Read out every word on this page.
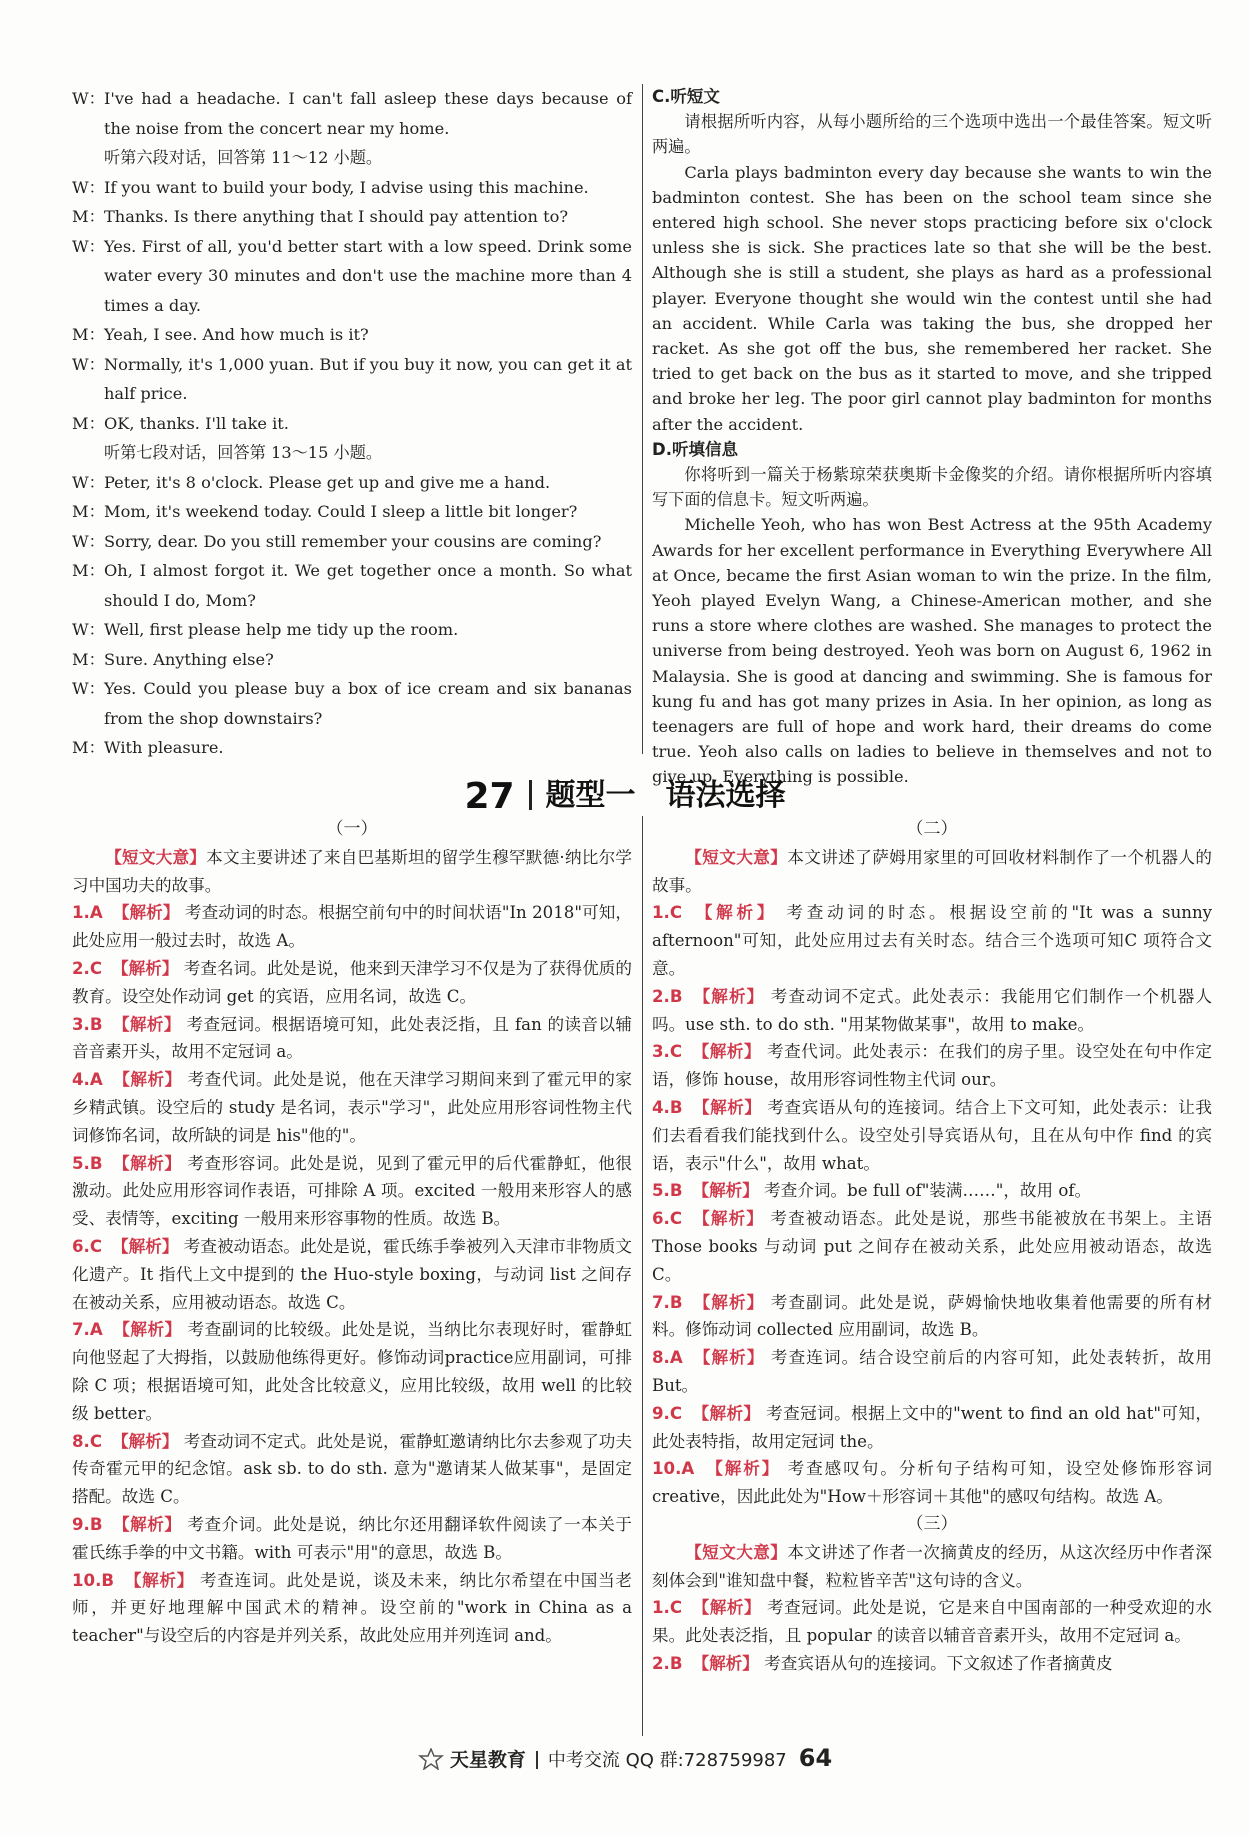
W： I've had a headache. I can't fall asleep these days because of the noise from the concert near my home.
听第六段对话，回答第 11～12 小题。
W： If you want to build your body, I advise using this machine.
M： Thanks. Is there anything that I should pay attention to?
W： Yes. First of all, you'd better start with a low speed. Drink some water every 30 minutes and don't use the machine more than 4 times a day.
M： Yeah, I see. And how much is it?
W： Normally, it's 1,000 yuan. But if you buy it now, you can get it at half price.
M： OK, thanks. I'll take it.
听第七段对话，回答第 13～15 小题。
W： Peter, it's 8 o'clock. Please get up and give me a hand.
M： Mom, it's weekend today. Could I sleep a little bit longer?
W： Sorry, dear. Do you still remember your cousins are coming?
M： Oh, I almost forgot it. We get together once a month. So what should I do, Mom?
W： Well, first please help me tidy up the room.
M： Sure. Anything else?
W： Yes. Could you please buy a box of ice cream and six bananas from the shop downstairs?
M： With pleasure.
C.听短文

请根据所听内容，从每小题所给的三个选项中选出一个最佳答案。短文听两遍。

Carla plays badminton every day because she wants to win the badminton contest. She has been on the school team since she entered high school. She never stops practicing before six o'clock unless she is sick. She practices late so that she will be the best. Although she is still a student, she plays as hard as a professional player. Everyone thought she would win the contest until she had an accident. While Carla was taking the bus, she dropped her racket. As she got off the bus, she remembered her racket. She tried to get back on the bus as it started to move, and she tripped and broke her leg. The poor girl cannot play badminton for months after the accident.

D.听填信息

你将听到一篇关于杨紫琼荣获奥斯卡金像奖的介绍。请你根据所听内容填写下面的信息卡。短文听两遍。

Michelle Yeoh, who has won Best Actress at the 95th Academy Awards for her excellent performance in Everything Everywhere All at Once, became the first Asian woman to win the prize. In the film, Yeoh played Evelyn Wang, a Chinese-American mother, and she runs a store where clothes are washed. She manages to protect the universe from being destroyed. Yeoh was born on August 6, 1962 in Malaysia. She is good at dancing and swimming. She is famous for kung fu and has got many prizes in Asia. In her opinion, as long as teenagers are full of hope and work hard, their dreams do come true. Yeoh also calls on ladies to believe in themselves and not to give up. Everything is possible.

27 题型一　语法选择
（一）
【短文大意】本文主要讲述了来自巴基斯坦的留学生穆罕默德·纳比尔学习中国功夫的故事。
1.A 【解析】 考查动词的时态。根据空前句中的时间状语"In 2018"可知，此处应用一般过去时，故选 A。
2.C 【解析】 考查名词。此处是说，他来到天津学习不仅是为了获得优质的教育。设空处作动词 get 的宾语，应用名词，故选 C。
3.B 【解析】 考查冠词。根据语境可知，此处表泛指，且 fan 的读音以辅音音素开头，故用不定冠词 a。
4.A 【解析】 考查代词。此处是说，他在天津学习期间来到了霍元甲的家乡精武镇。设空后的 study 是名词，表示"学习"，此处应用形容词性物主代词修饰名词，故所缺的词是 his"他的"。
5.B 【解析】 考查形容词。此处是说，见到了霍元甲的后代霍静虹，他很激动。此处应用形容词作表语，可排除 A 项。excited 一般用来形容人的感受、表情等，exciting 一般用来形容事物的性质。故选 B。
6.C 【解析】 考查被动语态。此处是说，霍氏练手拳被列入天津市非物质文化遗产。It 指代上文中提到的 the Huo-style boxing，与动词 list 之间存在被动关系，应用被动语态。故选 C。
7.A 【解析】 考查副词的比较级。此处是说，当纳比尔表现好时，霍静虹向他竖起了大拇指，以鼓励他练得更好。修饰动词practice应用副词，可排除 C 项；根据语境可知，此处含比较意义，应用比较级，故用 well 的比较级 better。
8.C 【解析】 考查动词不定式。此处是说，霍静虹邀请纳比尔去参观了功夫传奇霍元甲的纪念馆。ask sb. to do sth. 意为"邀请某人做某事"，是固定搭配。故选 C。
9.B 【解析】 考查介词。此处是说，纳比尔还用翻译软件阅读了一本关于霍氏练手拳的中文书籍。with 可表示"用"的意思，故选 B。
10.B 【解析】 考查连词。此处是说，谈及未来，纳比尔希望在中国当老师，并更好地理解中国武术的精神。设空前的"work in China as a teacher"与设空后的内容是并列关系，故此处应用并列连词 and。
（二）
【短文大意】本文讲述了萨姆用家里的可回收材料制作了一个机器人的故事。
1.C 【解析】 考查动词的时态。根据设空前的"It was a sunny afternoon"可知，此处应用过去有关时态。结合三个选项可知C 项符合文意。
2.B 【解析】 考查动词不定式。此处表示：我能用它们制作一个机器人吗。use sth. to do sth. "用某物做某事"，故用 to make。
3.C 【解析】 考查代词。此处表示：在我们的房子里。设空处在句中作定语，修饰 house，故用形容词性物主代词 our。
4.B 【解析】 考查宾语从句的连接词。结合上下文可知，此处表示：让我们去看看我们能找到什么。设空处引导宾语从句，且在从句中作 find 的宾语，表示"什么"，故用 what。
5.B 【解析】 考查介词。be full of"装满……"，故用 of。
6.C 【解析】 考查被动语态。此处是说，那些书能被放在书架上。主语 Those books 与动词 put 之间存在被动关系，此处应用被动语态，故选 C。
7.B 【解析】 考查副词。此处是说，萨姆愉快地收集着他需要的所有材料。修饰动词 collected 应用副词，故选 B。
8.A 【解析】 考查连词。结合设空前后的内容可知，此处表转折，故用 But。
9.C 【解析】 考查冠词。根据上文中的"went to find an old hat"可知，此处表特指，故用定冠词 the。
10.A 【解析】 考查感叹句。分析句子结构可知，设空处修饰形容词 creative，因此此处为"How＋形容词＋其他"的感叹句结构。故选 A。
（三）
【短文大意】本文讲述了作者一次摘黄皮的经历，从这次经历中作者深刻体会到"谁知盘中餐，粒粒皆辛苦"这句诗的含义。
1.C 【解析】 考查冠词。此处是说，它是来自中国南部的一种受欢迎的水果。此处表泛指，且 popular 的读音以辅音音素开头，故用不定冠词 a。
2.B 【解析】 考查宾语从句的连接词。下文叙述了作者摘黄皮
天星教育 中考交流 QQ 群:728759987 64
